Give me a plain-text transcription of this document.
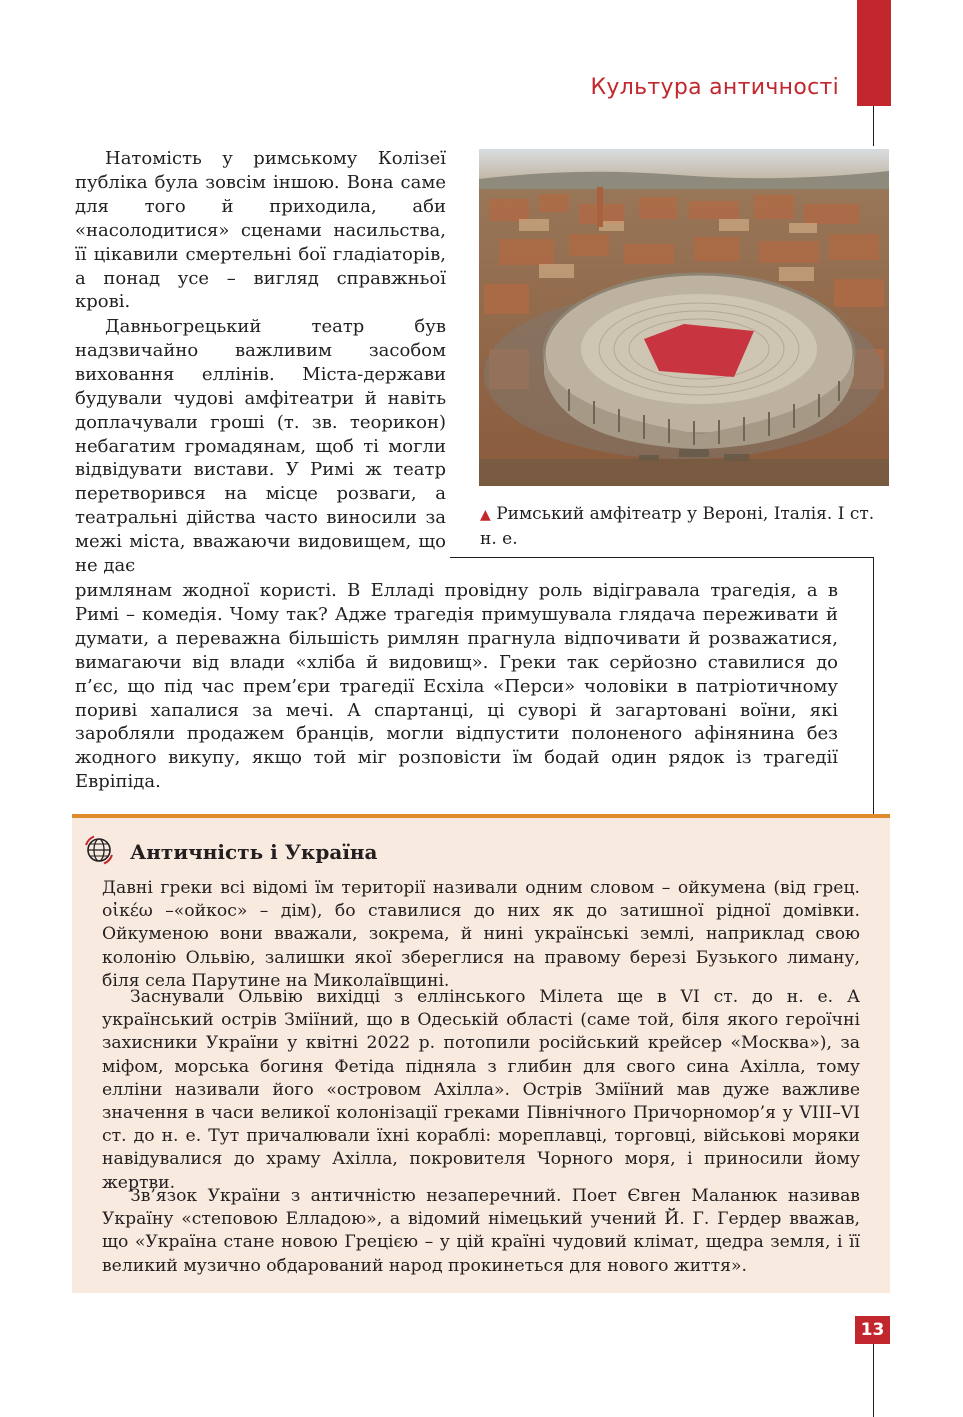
Культура античності
▲ Римський амфітеатр у Вероні, Італія. І ст. н. е.

Натомість у римському Колізеї публіка була зовсім іншою. Вона саме для того й приходила, аби «насолодитися» сценами насильства, її цікавили смертельні бої гладіаторів, а понад усе – вигляд справжньої крові.

Давньогрецький театр був надзвичайно важливим засобом виховання еллінів. Міста-держави будували чудові амфітеатри й навіть доплачували гроші (т. зв. теорикон) небагатим громадянам, щоб ті могли відвідувати вистави. У Римі ж театр перетворився на місце розваги, а театральні дійства часто виносили за межі міста, вважаючи видовищем, що не дає

римлянам жодної користі. В Елладі провідну роль відігравала трагедія, а в Римі – комедія. Чому так? Адже трагедія примушувала глядача переживати й думати, а переважна більшість римлян прагнула відпочивати й розважатися, вимагаючи від влади «хліба й видовищ». Греки так серйозно ставилися до п’єс, що під час прем’єри трагедії Есхіла «Перси» чоловіки в патріотичному пориві хапалися за мечі. А спартанці, ці суворі й загартовані воїни, які заробляли продажем бранців, могли відпустити полоненого афінянина без жодного викупу, якщо той міг розповісти їм бодай один рядок із трагедії Евріпіда.

Античність і Україна

Давні греки всі відомі їм території називали одним словом – ойкумена (від грец. οἰκέω –«ойкос» – дім), бо ставилися до них як до затишної рідної домівки. Ойкуменою вони вважали, зокрема, й нині українські землі, наприклад свою колонію Ольвію, залишки якої збереглися на правому березі Бузького лиману, біля села Парутине на Миколаївщині.

Заснували Ольвію вихідці з еллінського Мілета ще в VI ст. до н. е. А український острів Зміїний, що в Одеській області (саме той, біля якого героїчні захисники України у квітні 2022 р. потопили російський крейсер «Москва»), за міфом, морська богиня Фетіда підняла з глибин для свого сина Ахілла, тому елліни називали його «островом Ахілла». Острів Зміїний мав дуже важливе значення в часи великої колонізації греками Північного Причорномор’я у VIII–VI ст. до н. е. Тут причалювали їхні кораблі: мореплавці, торговці, військові моряки навідувалися до храму Ахілла, покровителя Чорного моря, і приносили йому жертви.

Зв’язок України з античністю незаперечний. Поет Євген Маланюк називав Україну «степовою Елладою», а відомий німецький учений Й. Г. Гердер вважав, що «Україна стане новою Грецією – у цій країні чудовий клімат, щедра земля, і її великий музично обдарований народ прокинеться для нового життя».

13
